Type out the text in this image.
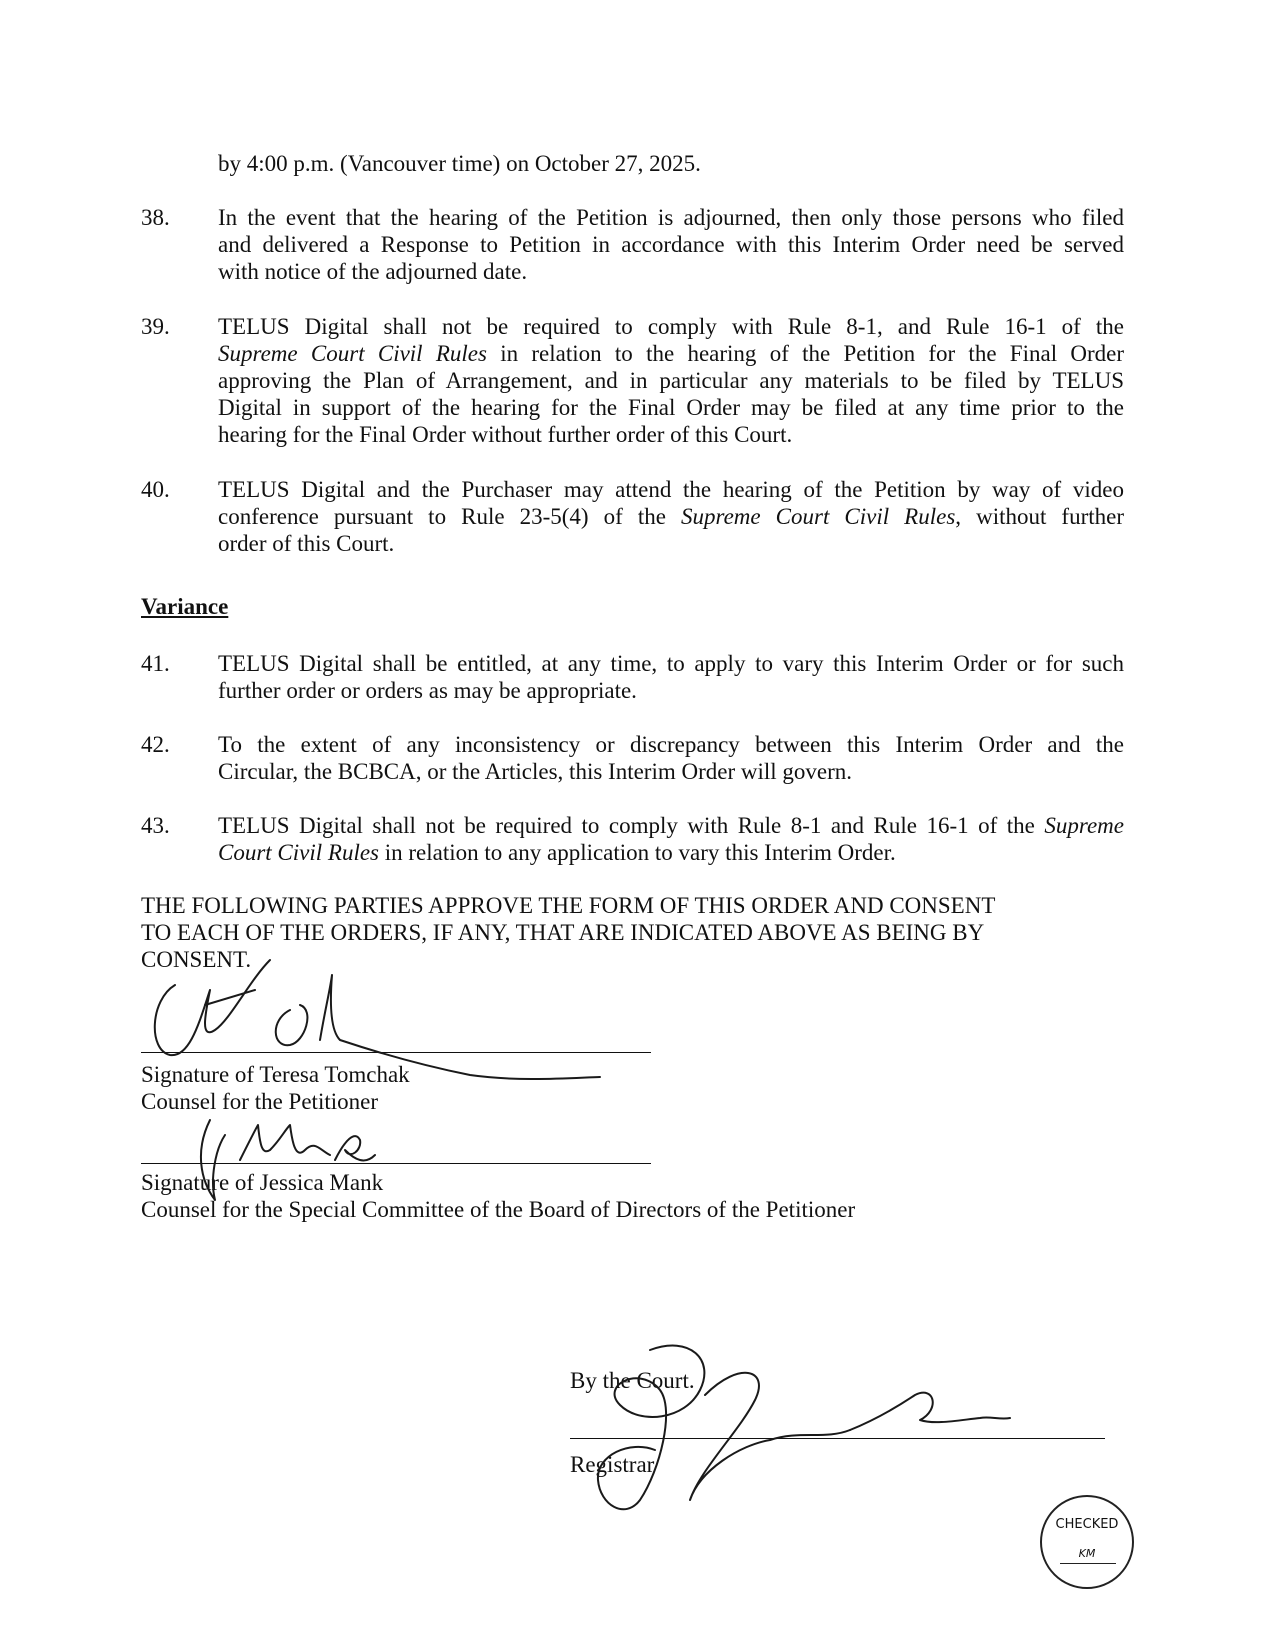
by 4:00 p.m. (Vancouver time) on October 27, 2025.
38. In the event that the hearing of the Petition is adjourned, then only those persons who filed
and delivered a Response to Petition in accordance with this Interim Order need be served
with notice of the adjourned date.
39. TELUS Digital shall not be required to comply with Rule 8-1, and Rule 16-1 of the
Supreme Court Civil Rules in relation to the hearing of the Petition for the Final Order
approving the Plan of Arrangement, and in particular any materials to be filed by TELUS
Digital in support of the hearing for the Final Order may be filed at any time prior to the
hearing for the Final Order without further order of this Court.
40. TELUS Digital and the Purchaser may attend the hearing of the Petition by way of video
conference pursuant to Rule 23-5(4) of the Supreme Court Civil Rules, without further
order of this Court.
Variance
41. TELUS Digital shall be entitled, at any time, to apply to vary this Interim Order or for such
further order or orders as may be appropriate.
42. To the extent of any inconsistency or discrepancy between this Interim Order and the
Circular, the BCBCA, or the Articles, this Interim Order will govern.
43. TELUS Digital shall not be required to comply with Rule 8-1 and Rule 16-1 of the Supreme
Court Civil Rules in relation to any application to vary this Interim Order.
THE FOLLOWING PARTIES APPROVE THE FORM OF THIS ORDER AND CONSENT
TO EACH OF THE ORDERS, IF ANY, THAT ARE INDICATED ABOVE AS BEING BY
CONSENT.
Signature of Teresa Tomchak
Counsel for the Petitioner
Signature of Jessica Mank
Counsel for the Special Committee of the Board of Directors of the Petitioner
By the Court.
Registrar
CHECKED
KM
